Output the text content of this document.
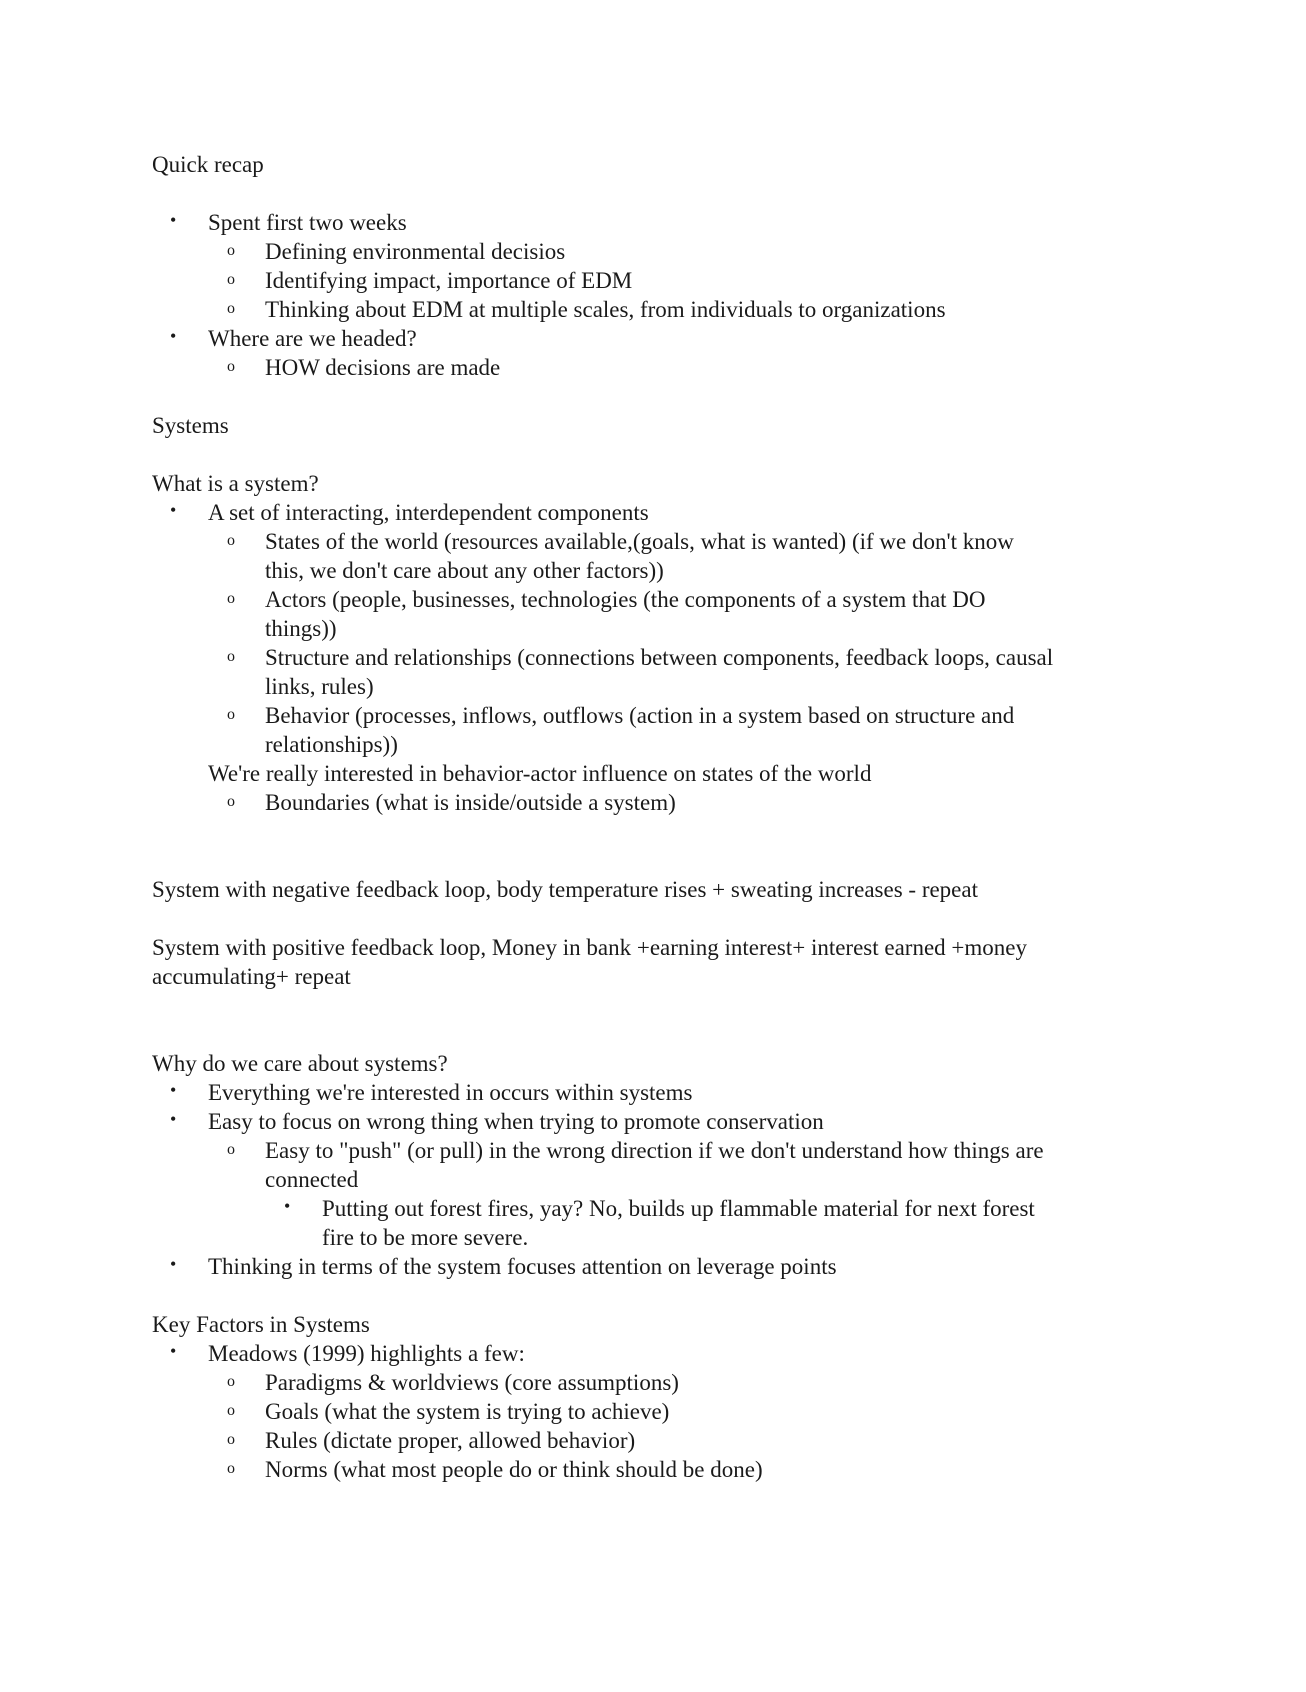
Quick recap
• Spent first two weeks
o Defining environmental decisios
o Identifying impact, importance of EDM
o Thinking about EDM at multiple scales, from individuals to organizations
• Where are we headed?
o HOW decisions are made
Systems
What is a system?
• A set of interacting, interdependent components
o States of the world (resources available,(goals, what is wanted) (if we don't know
this, we don't care about any other factors))
o Actors (people, businesses, technologies (the components of a system that DO
things))
o Structure and relationships (connections between components, feedback loops, causal
links, rules)
o Behavior (processes, inflows, outflows (action in a system based on structure and
relationships))
We're really interested in behavior-actor influence on states of the world
o Boundaries (what is inside/outside a system)
System with negative feedback loop, body temperature rises + sweating increases - repeat
System with positive feedback loop, Money in bank +earning interest+ interest earned +money
accumulating+ repeat
Why do we care about systems?
• Everything we're interested in occurs within systems
• Easy to focus on wrong thing when trying to promote conservation
o Easy to "push" (or pull) in the wrong direction if we don't understand how things are
connected
• Putting out forest fires, yay? No, builds up flammable material for next forest
fire to be more severe.
• Thinking in terms of the system focuses attention on leverage points
Key Factors in Systems
• Meadows (1999) highlights a few:
o Paradigms & worldviews (core assumptions)
o Goals (what the system is trying to achieve)
o Rules (dictate proper, allowed behavior)
o Norms (what most people do or think should be done)
